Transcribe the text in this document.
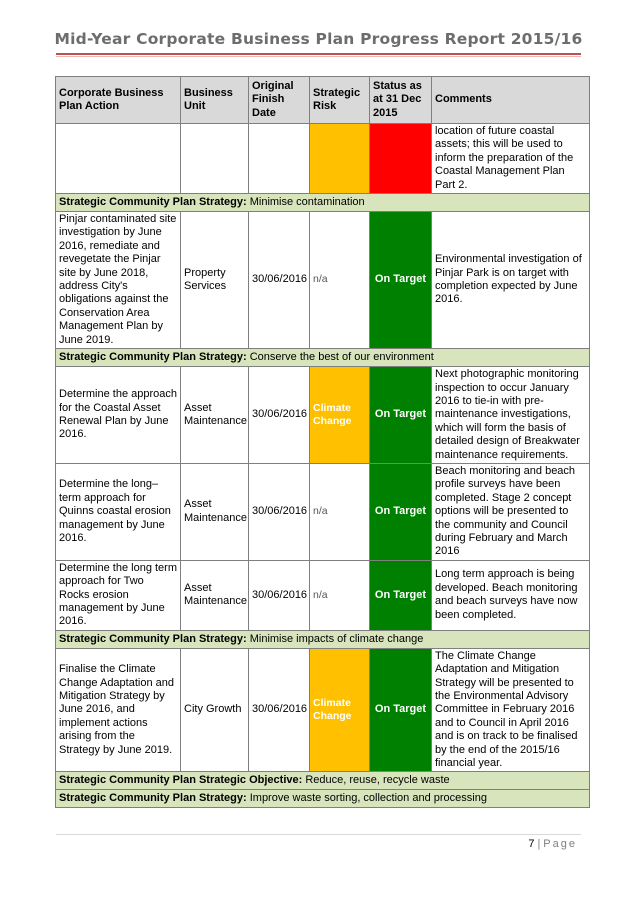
Mid-Year Corporate Business Plan Progress Report 2015/16
Corporate Business Plan Action	Business Unit	Original Finish Date	Strategic Risk	Status as at 31 Dec 2015	Comments
					location of future coastal assets; this will be used to inform the preparation of the Coastal Management Plan Part 2.
Strategic Community Plan Strategy: Minimise contamination					
Pinjar contaminated site investigation by June 2016, remediate and revegetate the Pinjar site by June 2018, address City's obligations against the Conservation Area Management Plan by June 2019.	Property Services	30/06/2016	n/a	On Target	Environmental investigation of Pinjar Park is on target with completion expected by June 2016.
Strategic Community Plan Strategy: Conserve the best of our environment					
Determine the approach for the Coastal Asset Renewal Plan by June 2016.	Asset Maintenance	30/06/2016	Climate Change	On Target	Next photographic monitoring inspection to occur January 2016 to tie-in with pre-maintenance investigations, which will form the basis of detailed design of Breakwater maintenance requirements.
Determine the long–term approach for Quinns coastal erosion management by June 2016.	Asset Maintenance	30/06/2016	n/a	On Target	Beach monitoring and beach profile surveys have been completed. Stage 2 concept options will be presented to the community and Council during February and March 2016
Determine the long term approach for Two Rocks erosion management by June 2016.	Asset Maintenance	30/06/2016	n/a	On Target	Long term approach is being developed. Beach monitoring and beach surveys have now been completed.
Strategic Community Plan Strategy: Minimise impacts of climate change					
Finalise the Climate Change Adaptation and Mitigation Strategy by June 2016, and implement actions arising from the Strategy by June 2019.	City Growth	30/06/2016	Climate Change	On Target	The Climate Change Adaptation and Mitigation Strategy will be presented to the Environmental Advisory Committee in February 2016 and to Council in April 2016 and is on track to be finalised by the end of the 2015/16 financial year.
Strategic Community Plan Strategic Objective: Reduce, reuse, recycle waste					
Strategic Community Plan Strategy: Improve waste sorting, collection and processing					
7 | Page
